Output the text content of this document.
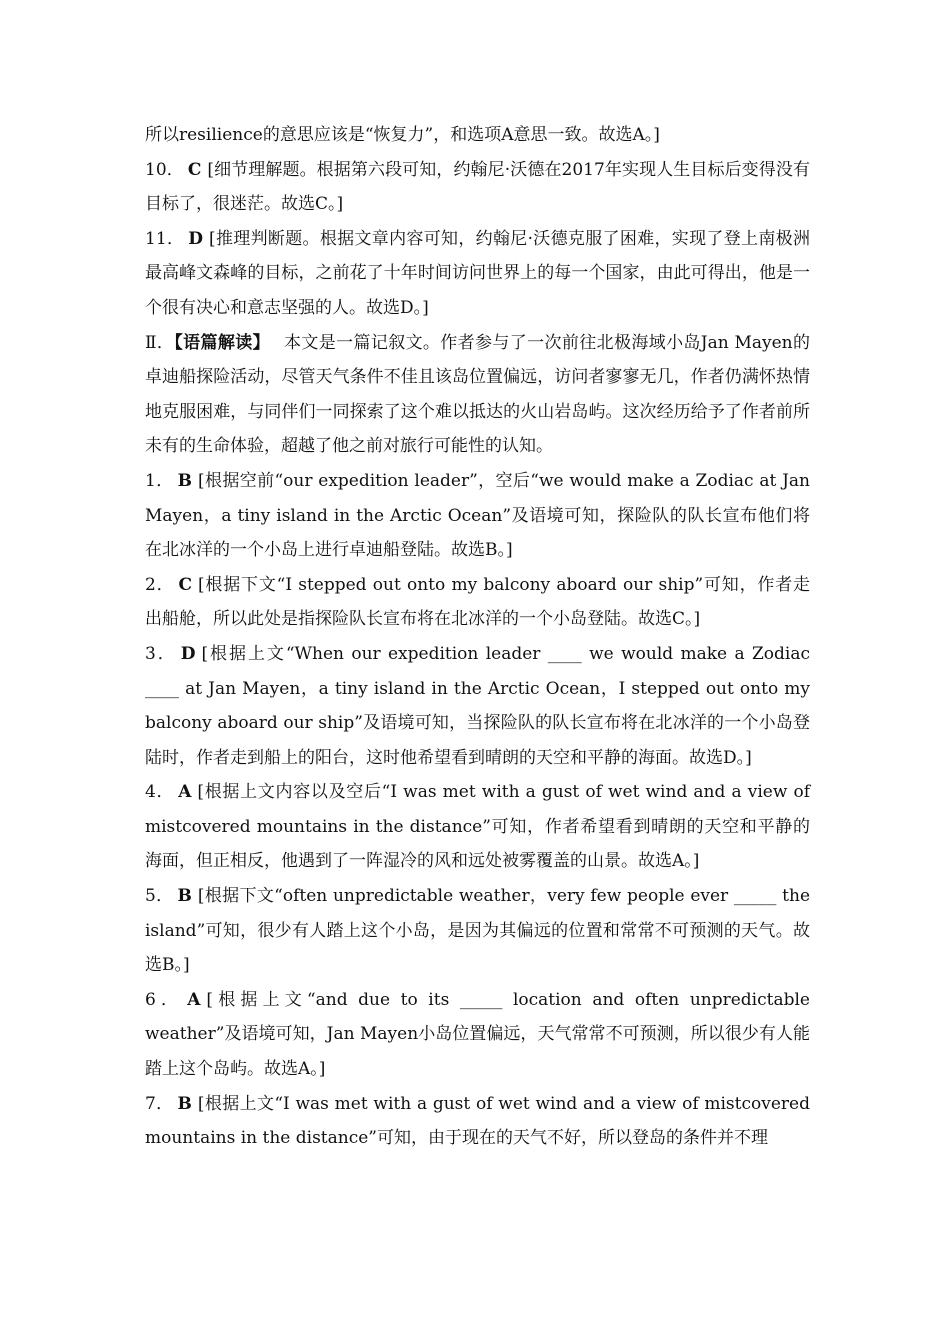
所以resilience的意思应该是“恢复力”，和选项A意思一致。故选A。]

10． C [细节理解题。根据第六段可知，约翰尼·沃德在2017年实现人生目标后变得没有目标了，很迷茫。故选C。]

11． D [推理判断题。根据文章内容可知，约翰尼·沃德克服了困难，实现了登上南极洲最高峰文森峰的目标，之前花了十年时间访问世界上的每一个国家，由此可得出，他是一个很有决心和意志坚强的人。故选D。]

Ⅱ．【语篇解读】 本文是一篇记叙文。作者参与了一次前往北极海域小岛Jan Mayen的卓迪船探险活动，尽管天气条件不佳且该岛位置偏远，访问者寥寥无几，作者仍满怀热情地克服困难，与同伴们一同探索了这个难以抵达的火山岩岛屿。这次经历给予了作者前所未有的生命体验，超越了他之前对旅行可能性的认知。

1． B [根据空前“our expedition leader”，空后“we would make a Zodiac at Jan Mayen，a tiny island in the Arctic Ocean”及语境可知，探险队的队长宣布他们将在北冰洋的一个小岛上进行卓迪船登陆。故选B。]

2． C [根据下文“I stepped out onto my balcony aboard our ship”可知，作者走出船舱，所以此处是指探险队长宣布将在北冰洋的一个小岛登陆。故选C。]

3． D [根据上文“When our expedition leader ____ we would make a Zodiac ____ at Jan Mayen，a tiny island in the Arctic Ocean，I stepped out onto my balcony aboard our ship”及语境可知，当探险队的队长宣布将在北冰洋的一个小岛登陆时，作者走到船上的阳台，这时他希望看到晴朗的天空和平静的海面。故选D。]

4． A [根据上文内容以及空后“I was met with a gust of wet wind and a view of mistcovered mountains in the distance”可知，作者希望看到晴朗的天空和平静的海面，但正相反，他遇到了一阵湿冷的风和远处被雾覆盖的山景。故选A。]

5． B [根据下文“often unpredictable weather，very few people ever _____ the island”可知，很少有人踏上这个小岛，是因为其偏远的位置和常常不可预测的天气。故选B。]

6． A [根据上文“and due to its _____ location and often unpredictable weather”及语境可知，Jan Mayen小岛位置偏远，天气常常不可预测，所以很少有人能踏上这个岛屿。故选A。]

7． B [根据上文“I was met with a gust of wet wind and a view of mistcovered mountains in the distance”可知，由于现在的天气不好，所以登岛的条件并不理
